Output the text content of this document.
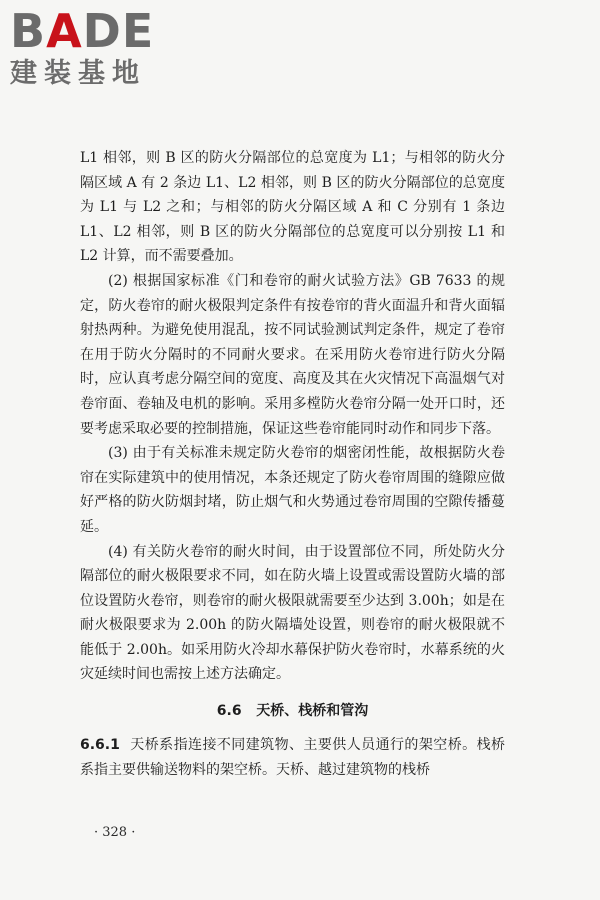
B A DE
建装基地

L1 相邻，则 B 区的防火分隔部位的总宽度为 L1；与相邻的防火分隔区域 A 有 2 条边 L1、L2 相邻，则 B 区的防火分隔部位的总宽度为 L1 与 L2 之和；与相邻的防火分隔区域 A 和 C 分别有 1 条边 L1、L2 相邻，则 B 区的防火分隔部位的总宽度可以分别按 L1 和 L2 计算，而不需要叠加。

(2) 根据国家标准《门和卷帘的耐火试验方法》GB 7633 的规定，防火卷帘的耐火极限判定条件有按卷帘的背火面温升和背火面辐射热两种。为避免使用混乱，按不同试验测试判定条件，规定了卷帘在用于防火分隔时的不同耐火要求。在采用防火卷帘进行防火分隔时，应认真考虑分隔空间的宽度、高度及其在火灾情况下高温烟气对卷帘面、卷轴及电机的影响。采用多樘防火卷帘分隔一处开口时，还要考虑采取必要的控制措施，保证这些卷帘能同时动作和同步下落。

(3) 由于有关标准未规定防火卷帘的烟密闭性能，故根据防火卷帘在实际建筑中的使用情况，本条还规定了防火卷帘周围的缝隙应做好严格的防火防烟封堵，防止烟气和火势通过卷帘周围的空隙传播蔓延。

(4) 有关防火卷帘的耐火时间，由于设置部位不同，所处防火分隔部位的耐火极限要求不同，如在防火墙上设置或需设置防火墙的部位设置防火卷帘，则卷帘的耐火极限就需要至少达到 3.00h；如是在耐火极限要求为 2.00h 的防火隔墙处设置，则卷帘的耐火极限就不能低于 2.00h。如采用防火冷却水幕保护防火卷帘时，水幕系统的火灾延续时间也需按上述方法确定。

6.6 天桥、栈桥和管沟

6.6.1 天桥系指连接不同建筑物、主要供人员通行的架空桥。栈桥系指主要供输送物料的架空桥。天桥、越过建筑物的栈桥

· 328 ·
